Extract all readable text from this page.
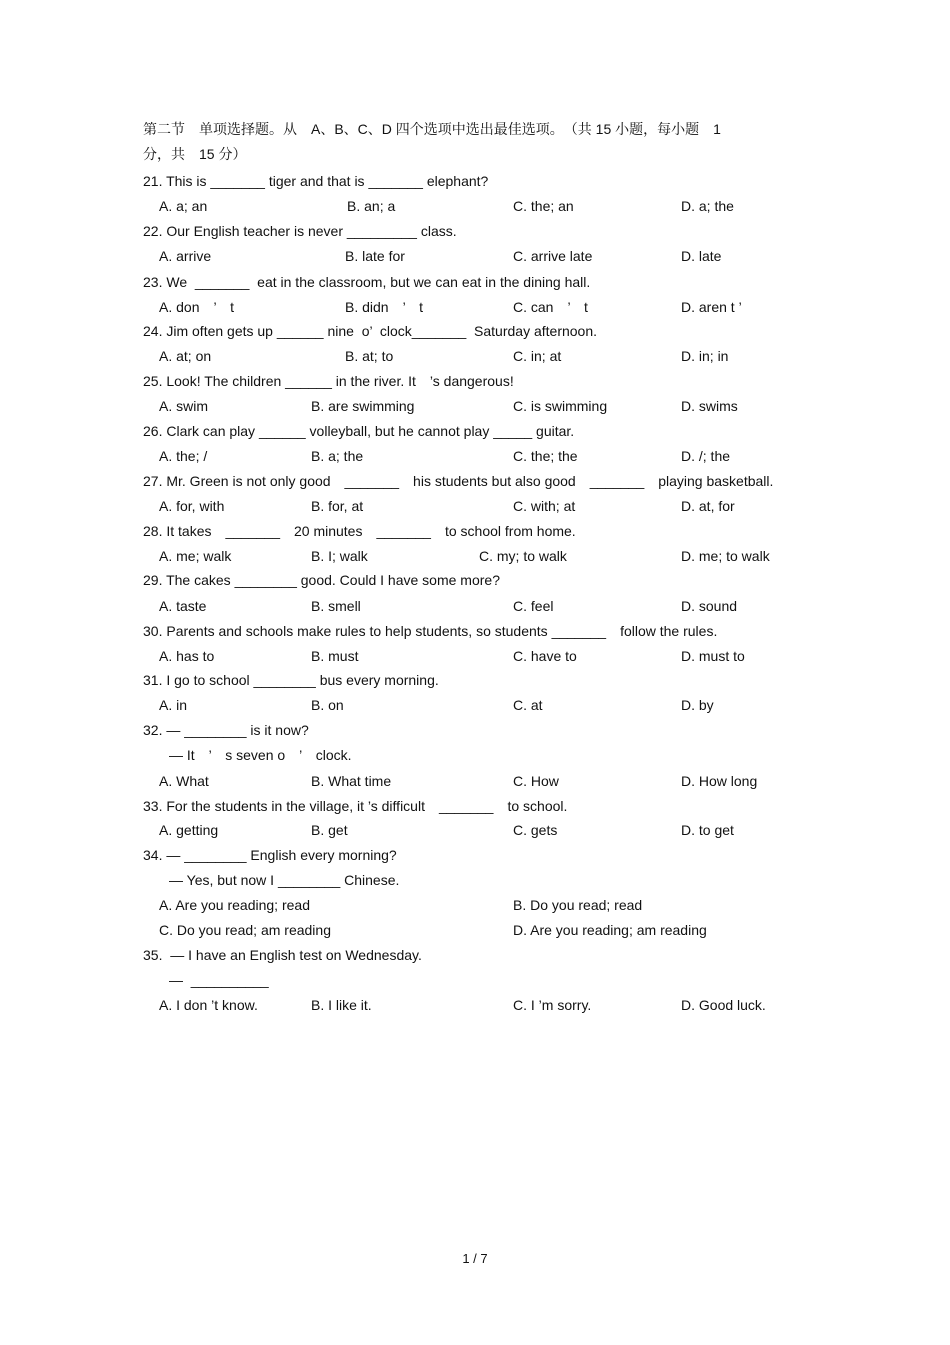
第二节　单项选择题。从　A、B、C、D 四个选项中选出最佳选项。　（共 15 小题，每小题　1
分，共　15 分）
21. This is _______ tiger and that is _______ elephant?
A. a; an	B. an; a	C. the; an	D. a; the
22. Our English teacher is never _________ class.
A. arrive	B. late for	C. arrive late	D. late
23. We  _______  eat in the classroom, but we can eat in the dining hall.
A. don　’　t	B. didn　’　t	C. can　’　t	D. aren t ’
24. Jim often gets up ______ nine  o’  clock_______  Saturday afternoon.
A. at; on	B. at; to	C. in; at	D. in; in
25. Look! The children ______ in the river. It　’s dangerous!
A. swim	B. are swimming	C. is swimming	D. swims
26. Clark can play ______ volleyball, but he cannot play _____ guitar.
A. the; /	B. a; the	C. the; the	D. /; the
27. Mr. Green is not only good　_______　his students but also good　_______　playing basketball.
A. for, with	B. for, at	C. with; at	D. at, for
28. It takes　_______　20 minutes　_______　to school from home.
A. me; walk	B. I; walk	C. my; to walk	D. me; to walk
29. The cakes ________ good. Could I have some more?
A. taste	B. smell	C. feel	D. sound
30. Parents and schools make rules to help students, so students _______　follow the rules.
A. has to	B. must	C. have to	D. must to
31. I go to school ________ bus every morning.
A. in	B. on	C. at	D. by
32. — ________ is it now?
— It　’　s seven o　’　clock.
A. What	B. What time	C. How	D. How long
33. For the students in the village, it ’s difficult　_______　to school.
A. getting	B. get	C. gets	D. to get
34. — ________ English every morning?
— Yes, but now I ________ Chinese.
A. Are you reading; read	B. Do you read; read
C. Do you read; am reading	D. Are you reading; am reading
35.  — I have an English test on Wednesday.
—  __________
A. I don ’t know.	B. I like it.	C. I ’m sorry.	D. Good luck.
1 / 7
